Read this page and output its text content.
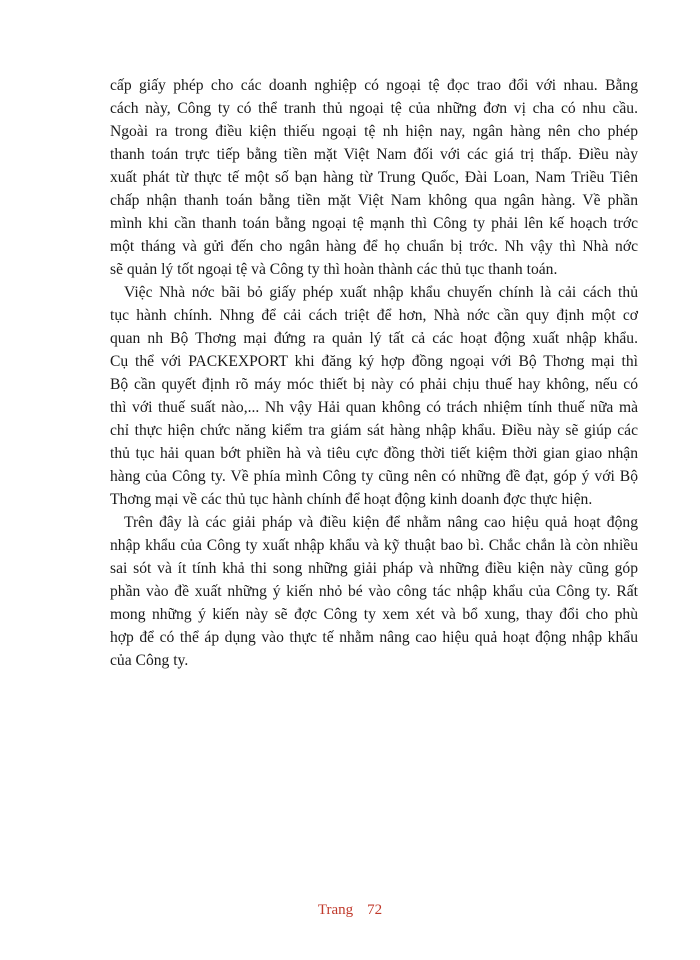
cấp giấy phép cho các doanh nghiệp có ngoại tệ đọc trao đổi với nhau. Bằng
cách này, Công ty có thể tranh thủ ngoại tệ của những đơn vị cha có nhu cầu.
Ngoài ra trong điều kiện thiếu ngoại tệ nh hiện nay, ngân hàng nên cho phép
thanh toán trực tiếp bằng tiền mặt Việt Nam đối với các giá trị thấp. Điều này
xuất phát từ thực tế một số bạn hàng từ Trung Quốc, Đài Loan, Nam Triều Tiên
chấp nhận thanh toán bằng tiền mặt Việt Nam không qua ngân hàng. Về phần
mình khi cần thanh toán bằng ngoại tệ mạnh thì Công ty phải lên kế hoạch trớc
một tháng và gửi đến cho ngân hàng để họ chuẩn bị trớc. Nh vậy thì Nhà nớc
sẽ quản lý tốt ngoại tệ và Công ty thì hoàn thành các thủ tục thanh toán.

Việc Nhà nớc bãi bỏ giấy phép xuất nhập khẩu chuyến chính là cải cách thủ
tục hành chính. Nhng để cải cách triệt để hơn, Nhà nớc cần quy định một cơ
quan nh Bộ Thơng mại đứng ra quản lý tất cả các hoạt động xuất nhập khẩu.
Cụ thể với PACKEXPORT khi đăng ký hợp đồng ngoại với Bộ Thơng mại thì
Bộ cần quyết định rõ máy móc thiết bị này có phải chịu thuế hay không, nếu có
thì với thuế suất nào,... Nh vậy Hải quan không có trách nhiệm tính thuế nữa mà
chỉ thực hiện chức năng kiểm tra giám sát hàng nhập khẩu. Điều này sẽ giúp các
thủ tục hải quan bớt phiền hà và tiêu cực đồng thời tiết kiệm thời gian giao nhận
hàng của Công ty. Về phía mình Công ty cũng nên có những đề đạt, góp ý với Bộ
Thơng mại về các thủ tục hành chính để hoạt động kinh doanh đợc thực hiện.

Trên đây là các giải pháp và điều kiện để nhằm nâng cao hiệu quả hoạt động
nhập khẩu của Công ty xuất nhập khẩu và kỹ thuật bao bì. Chắc chắn là còn nhiều
sai sót và ít tính khả thi song những giải pháp và những điều kiện này cũng góp
phần vào đề xuất những ý kiến nhỏ bé vào công tác nhập khẩu của Công ty. Rất
mong những ý kiến này sẽ đợc Công ty xem xét và bổ xung, thay đổi cho phù
hợp để có thể áp dụng vào thực tế nhằm nâng cao hiệu quả hoạt động nhập khẩu
của Công ty.

Trang 72
